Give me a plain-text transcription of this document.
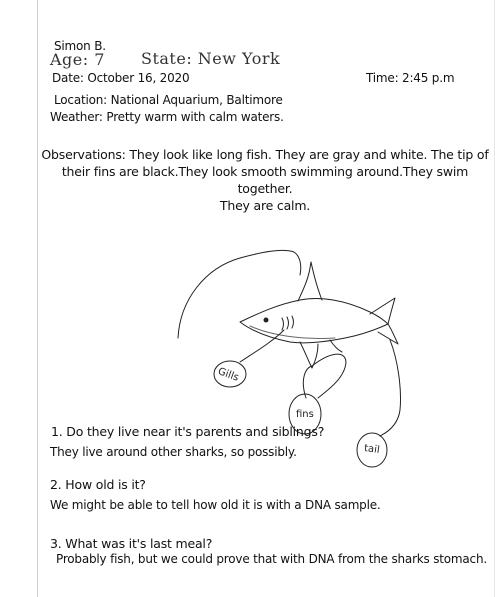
Simon B.
Age: 7 State: New York
Date: October 16, 2020	Time: 2:45 p.m
Location: National Aquarium, Baltimore
Weather: Pretty warm with calm waters.
Observations: They look like long fish. They are gray and white. The tip of
their fins are black.They look smooth swimming around.They swim together.
They are calm.
Gills
fins
tail
1. Do they live near it's parents and siblings?
They live around other sharks, so possibly.
2. How old is it?
We might be able to tell how old it is with a DNA sample.
3. What was it's last meal?
Probably fish, but we could prove that with DNA from the sharks stomach.
